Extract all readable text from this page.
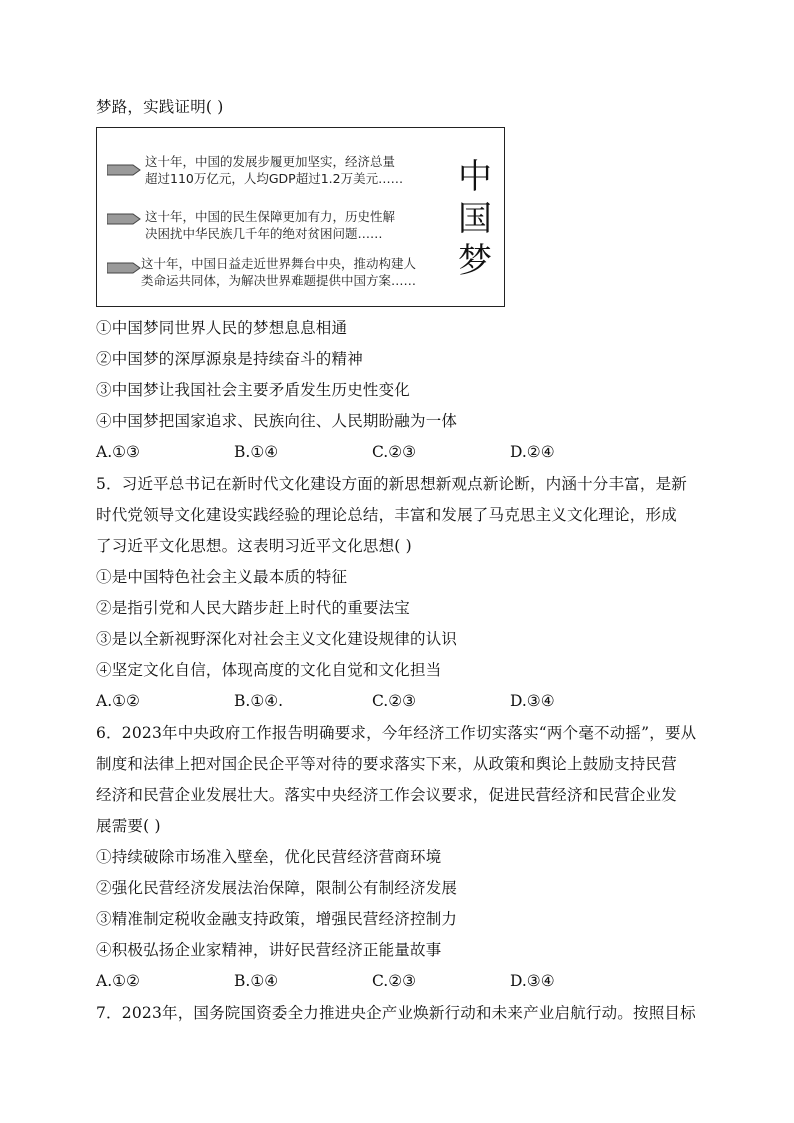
梦路，实践证明( )
这十年，中国的发展步履更加坚实，经济总量
超过110万亿元，人均GDP超过1.2万美元……
这十年，中国的民生保障更加有力，历史性解
决困扰中华民族几千年的绝对贫困问题……
这十年，中国日益走近世界舞台中央，推动构建人
类命运共同体，为解决世界难题提供中国方案……
中
国
梦
①中国梦同世界人民的梦想息息相通
②中国梦的深厚源泉是持续奋斗的精神
③中国梦让我国社会主要矛盾发生历史性变化
④中国梦把国家追求、民族向往、人民期盼融为一体
A.①③	B.①④	C.②③	D.②④
5．习近平总书记在新时代文化建设方面的新思想新观点新论断，内涵十分丰富，是新
时代党领导文化建设实践经验的理论总结，丰富和发展了马克思主义文化理论，形成
了习近平文化思想。这表明习近平文化思想( )
①是中国特色社会主义最本质的特征
②是指引党和人民大踏步赶上时代的重要法宝
③是以全新视野深化对社会主义文化建设规律的认识
④坚定文化自信，体现高度的文化自觉和文化担当
A.①②	B.①④.	C.②③	D.③④
6．2023年中央政府工作报告明确要求，今年经济工作切实落实“两个毫不动摇”，要从
制度和法律上把对国企民企平等对待的要求落实下来，从政策和舆论上鼓励支持民营
经济和民营企业发展壮大。落实中央经济工作会议要求，促进民营经济和民营企业发
展需要( )
①持续破除市场准入壁垒，优化民营经济营商环境
②强化民营经济发展法治保障，限制公有制经济发展
③精准制定税收金融支持政策，增强民营经济控制力
④积极弘扬企业家精神，讲好民营经济正能量故事
A.①②	B.①④	C.②③	D.③④
7．2023年，国务院国资委全力推进央企产业焕新行动和未来产业启航行动。按照目标
